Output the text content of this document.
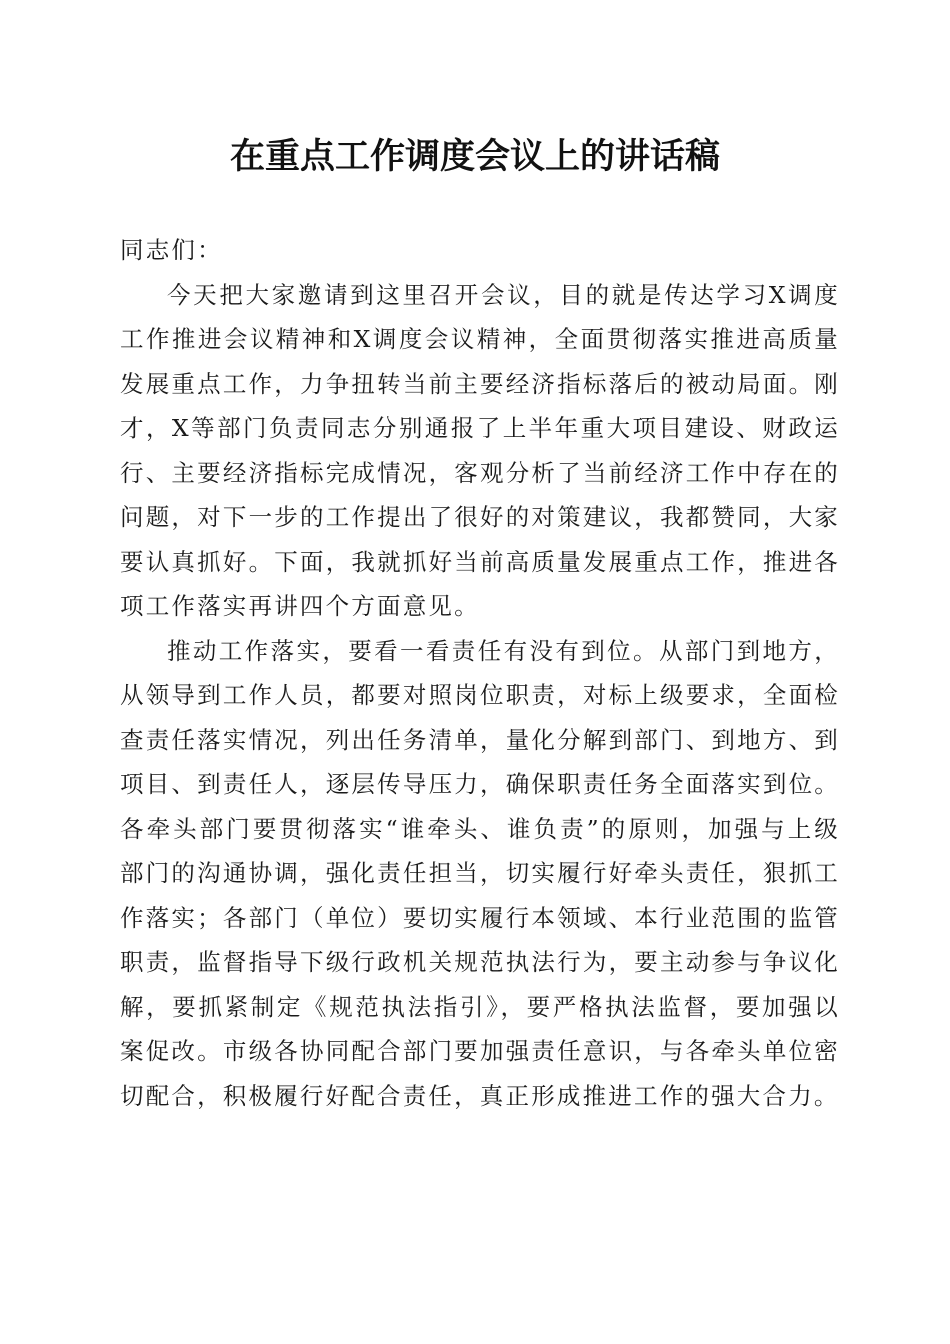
在重点工作调度会议上的讲话稿

同志们：

今天把大家邀请到这里召开会议，目的就是传达学习X调度工作推进会议精神和X调度会议精神，全面贯彻落实推进高质量发展重点工作，力争扭转当前主要经济指标落后的被动局面。刚才，X等部门负责同志分别通报了上半年重大项目建设、财政运行、主要经济指标完成情况，客观分析了当前经济工作中存在的问题，对下一步的工作提出了很好的对策建议，我都赞同，大家要认真抓好。下面，我就抓好当前高质量发展重点工作，推进各项工作落实再讲四个方面意见。

推动工作落实，要看一看责任有没有到位。从部门到地方，从领导到工作人员，都要对照岗位职责，对标上级要求，全面检查责任落实情况，列出任务清单，量化分解到部门、到地方、到项目、到责任人，逐层传导压力，确保职责任务全面落实到位。各牵头部门要贯彻落实“谁牵头、谁负责”的原则，加强与上级部门的沟通协调，强化责任担当，切实履行好牵头责任，狠抓工作落实；各部门（单位）要切实履行本领域、本行业范围的监管职责，监督指导下级行政机关规范执法行为，要主动参与争议化解，要抓紧制定《规范执法指引》，要严格执法监督，要加强以案促改。市级各协同配合部门要加强责任意识，与各牵头单位密切配合，积极履行好配合责任，真正形成推进工作的强大合力。
